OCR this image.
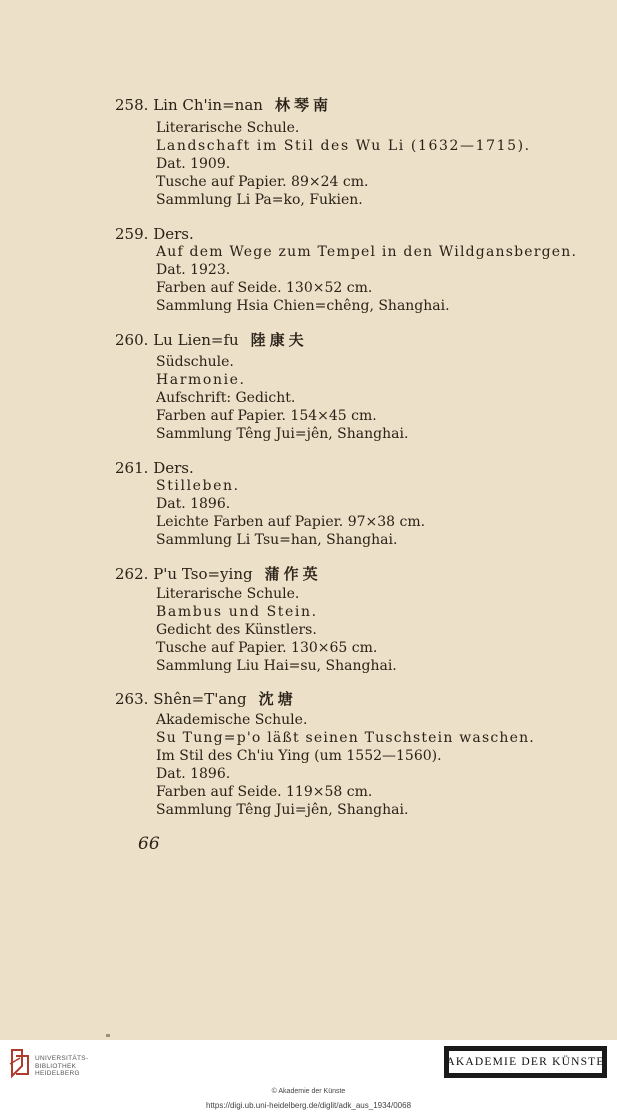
258. Lin Ch'in=nan 林琴南
Literarische Schule.
Landschaft im Stil des Wu Li (1632—1715).
Dat. 1909.
Tusche auf Papier. 89×24 cm.
Sammlung Li Pa=ko, Fukien.
259. Ders.
Auf dem Wege zum Tempel in den Wildgansbergen.
Dat. 1923.
Farben auf Seide. 130×52 cm.
Sammlung Hsia Chien=chêng, Shanghai.
260. Lu Lien=fu 陸康夫
Südschule.
Harmonie.
Aufschrift: Gedicht.
Farben auf Papier. 154×45 cm.
Sammlung Têng Jui=jên, Shanghai.
261. Ders.
Stilleben.
Dat. 1896.
Leichte Farben auf Papier. 97×38 cm.
Sammlung Li Tsu=han, Shanghai.
262. P'u Tso=ying 蒲作英
Literarische Schule.
Bambus und Stein.
Gedicht des Künstlers.
Tusche auf Papier. 130×65 cm.
Sammlung Liu Hai=su, Shanghai.
263. Shên=T'ang 沈塘
Akademische Schule.
Su Tung=p'o läßt seinen Tuschstein waschen.
Im Stil des Ch'iu Ying (um 1552—1560).
Dat. 1896.
Farben auf Seide. 119×58 cm.
Sammlung Têng Jui=jên, Shanghai.
66
UNIVERSITÄTS-
BIBLIOTHEK
HEIDELBERG
AKADEMIE DER KÜNSTE
© Akademie der Künste
https://digi.ub.uni-heidelberg.de/diglit/adk_aus_1934/0068
